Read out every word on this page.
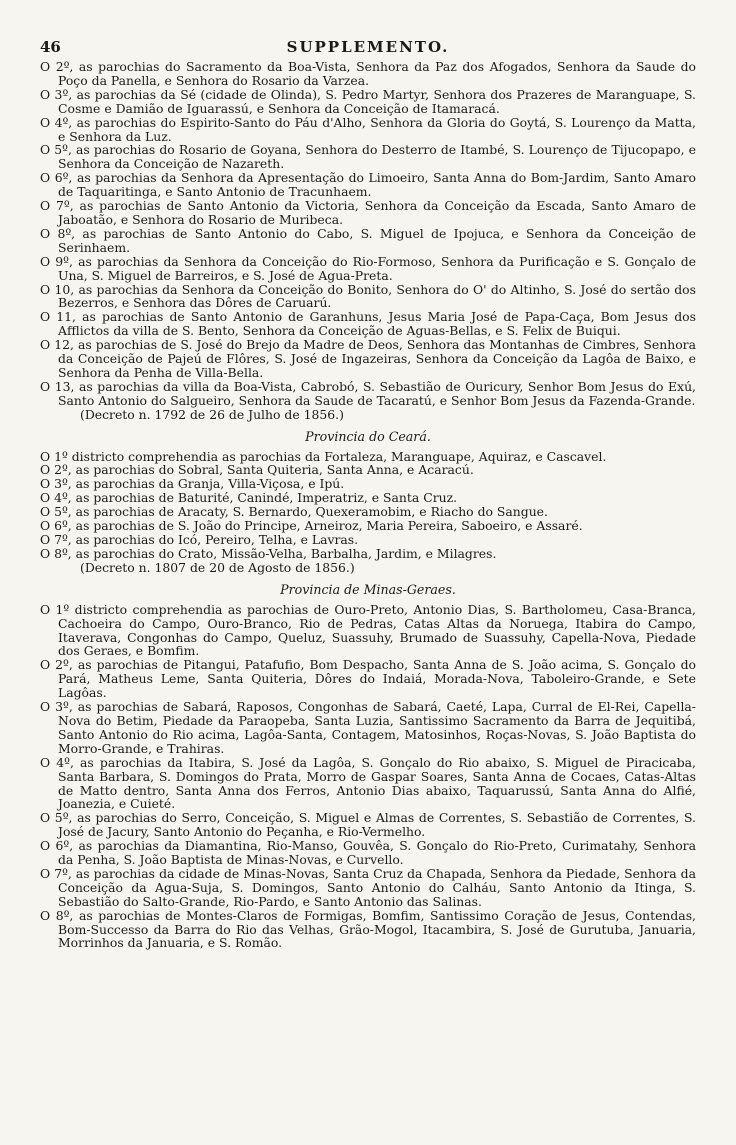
46	SUPPLEMENTO.
O 2º, as parochias do Sacramento da Boa-Vista, Senhora da Paz dos Afogados, Senhora da Saude do Poço da Panella, e Senhora do Rosario da Varzea.
O 3º, as parochias da Sé (cidade de Olinda), S. Pedro Martyr, Senhora dos Prazeres de Maranguape, S. Cosme e Damião de Iguarassú, e Senhora da Conceição de Itamaracá.
O 4º, as parochias do Espirito-Santo do Páu d'Alho, Senhora da Gloria do Goytá, S. Lourenço da Matta, e Senhora da Luz.
O 5º, as parochias do Rosario de Goyana, Senhora do Desterro de Itambé, S. Lourenço de Tijucopapo, e Senhora da Conceição de Nazareth.
O 6º, as parochias da Senhora da Apresentação do Limoeiro, Santa Anna do Bom-Jardim, Santo Amaro de Taquaritinga, e Santo Antonio de Tracunhaem.
O 7º, as parochias de Santo Antonio da Victoria, Senhora da Conceição da Escada, Santo Amaro de Jaboatão, e Senhora do Rosario de Muribeca.
O 8º, as parochias de Santo Antonio do Cabo, S. Miguel de Ipojuca, e Senhora da Conceição de Serinhaem.
O 9º, as parochias da Senhora da Conceição do Rio-Formoso, Senhora da Purificação e S. Gonçalo de Una, S. Miguel de Barreiros, e S. José de Agua-Preta.
O 10, as parochias da Senhora da Conceição do Bonito, Senhora do O' do Altinho, S. José do sertão dos Bezerros, e Senhora das Dôres de Caruarú.
O 11, as parochias de Santo Antonio de Garanhuns, Jesus Maria José de Papa-Caça, Bom Jesus dos Afflictos da villa de S. Bento, Senhora da Conceição de Aguas-Bellas, e S. Felix de Buiqui.
O 12, as parochias de S. José do Brejo da Madre de Deos, Senhora das Montanhas de Cimbres, Senhora da Conceição de Pajeú de Flôres, S. José de Ingazeiras, Senhora da Conceição da Lagôa de Baixo, e Senhora da Penha de Villa-Bella.
O 13, as parochias da villa da Boa-Vista, Cabrobó, S. Sebastião de Ouricury, Senhor Bom Jesus do Exú, Santo Antonio do Salgueiro, Senhora da Saude de Tacaratú, e Senhor Bom Jesus da Fazenda-Grande.
(Decreto n. 1792 de 26 de Julho de 1856.)
Provincia do Ceará.
O 1º districto comprehendia as parochias da Fortaleza, Maranguape, Aquiraz, e Cascavel.
O 2º, as parochias do Sobral, Santa Quiteria, Santa Anna, e Acaracú.
O 3º, as parochias da Granja, Villa-Viçosa, e Ipú.
O 4º, as parochias de Baturité, Canindé, Imperatriz, e Santa Cruz.
O 5º, as parochias de Aracaty, S. Bernardo, Quexeramobim, e Riacho do Sangue.
O 6º, as parochias de S. João do Principe, Arneiroz, Maria Pereira, Saboeiro, e Assaré.
O 7º, as parochias do Icó, Pereiro, Telha, e Lavras.
O 8º, as parochias do Crato, Missão-Velha, Barbalha, Jardim, e Milagres.
(Decreto n. 1807 de 20 de Agosto de 1856.)
Provincia de Minas-Geraes.
O 1º districto comprehendia as parochias de Ouro-Preto, Antonio Dias, S. Bartholomeu, Casa-Branca, Cachoeira do Campo, Ouro-Branco, Rio de Pedras, Catas Altas da Noruega, Itabira do Campo, Itaverava, Congonhas do Campo, Queluz, Suassuhy, Brumado de Suassuhy, Capella-Nova, Piedade dos Geraes, e Bomfim.
O 2º, as parochias de Pitangui, Patafufio, Bom Despacho, Santa Anna de S. João acima, S. Gonçalo do Pará, Matheus Leme, Santa Quiteria, Dôres do Indaiá, Morada-Nova, Taboleiro-Grande, e Sete Lagôas.
O 3º, as parochias de Sabará, Raposos, Congonhas de Sabará, Caeté, Lapa, Curral de El-Rei, Capella-Nova do Betim, Piedade da Paraopeba, Santa Luzia, Santissimo Sacramento da Barra de Jequitibá, Santo Antonio do Rio acima, Lagôa-Santa, Contagem, Matosinhos, Roças-Novas, S. João Baptista do Morro-Grande, e Trahiras.
O 4º, as parochias da Itabira, S. José da Lagôa, S. Gonçalo do Rio abaixo, S. Miguel de Piracicaba, Santa Barbara, S. Domingos do Prata, Morro de Gaspar Soares, Santa Anna de Cocaes, Catas-Altas de Matto dentro, Santa Anna dos Ferros, Antonio Dias abaixo, Taquarussú, Santa Anna do Alfié, Joanezia, e Cuieté.
O 5º, as parochias do Serro, Conceição, S. Miguel e Almas de Correntes, S. Sebastião de Correntes, S. José de Jacury, Santo Antonio do Peçanha, e Rio-Vermelho.
O 6º, as parochias da Diamantina, Rio-Manso, Gouvêa, S. Gonçalo do Rio-Preto, Curimatahy, Senhora da Penha, S. João Baptista de Minas-Novas, e Curvello.
O 7º, as parochias da cidade de Minas-Novas, Santa Cruz da Chapada, Senhora da Piedade, Senhora da Conceição da Agua-Suja, S. Domingos, Santo Antonio do Calháu, Santo Antonio da Itinga, S. Sebastião do Salto-Grande, Rio-Pardo, e Santo Antonio das Salinas.
O 8º, as parochias de Montes-Claros de Formigas, Bomfim, Santissimo Coração de Jesus, Contendas, Bom-Successo da Barra do Rio das Velhas, Grão-Mogol, Itacambira, S. José de Gurutuba, Januaria, Morrinhos da Januaria, e S. Romão.
